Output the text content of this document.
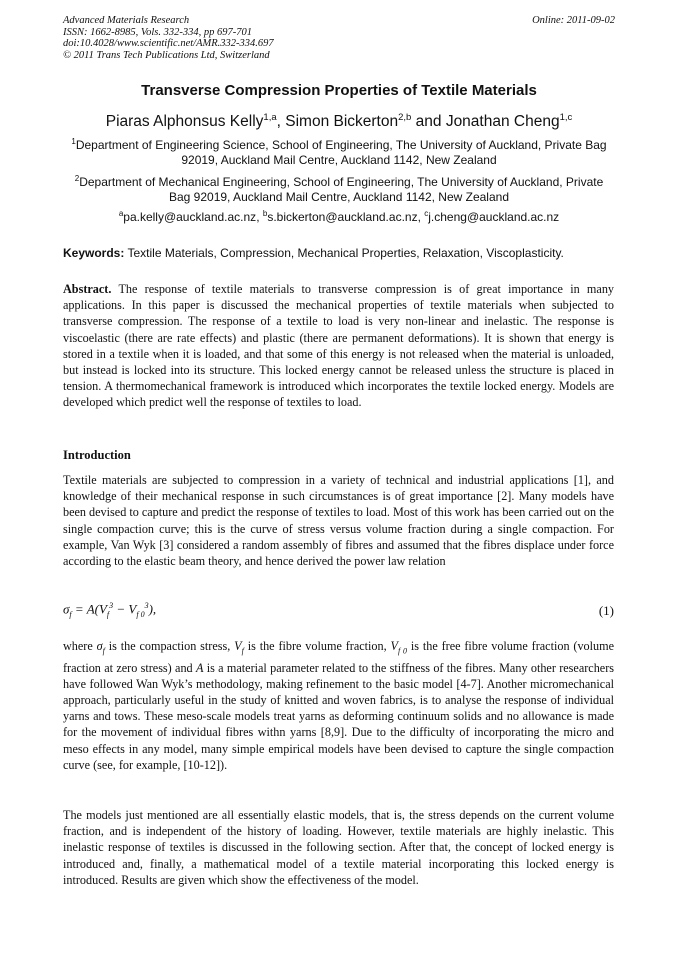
Advanced Materials Research
ISSN: 1662-8985, Vols. 332-334, pp 697-701
doi:10.4028/www.scientific.net/AMR.332-334.697
© 2011 Trans Tech Publications Ltd, Switzerland
Online: 2011-09-02
Transverse Compression Properties of Textile Materials
Piaras Alphonsus Kelly$^{1,a}$, Simon Bickerton$^{2,b}$ and Jonathan Cheng$^{1,c}$
$^1$Department of Engineering Science, School of Engineering, The University of Auckland, Private Bag 92019, Auckland Mail Centre, Auckland 1142, New Zealand
$^2$Department of Mechanical Engineering, School of Engineering, The University of Auckland, Private Bag 92019, Auckland Mail Centre, Auckland 1142, New Zealand
$^a$pa.kelly@auckland.ac.nz, $^b$s.bickerton@auckland.ac.nz, $^c$j.cheng@auckland.ac.nz
Keywords: Textile Materials, Compression, Mechanical Properties, Relaxation, Viscoplasticity.
Abstract. The response of textile materials to transverse compression is of great importance in many applications. In this paper is discussed the mechanical properties of textile materials when subjected to transverse compression. The response of a textile to load is very non-linear and inelastic. The response is viscoelastic (there are rate effects) and plastic (there are permanent deformations). It is shown that energy is stored in a textile when it is loaded, and that some of this energy is not released when the material is unloaded, but instead is locked into its structure. This locked energy cannot be released unless the structure is placed in tension. A thermomechanical framework is introduced which incorporates the textile locked energy. Models are developed which predict well the response of textiles to load.
Introduction
Textile materials are subjected to compression in a variety of technical and industrial applications [1], and knowledge of their mechanical response in such circumstances is of great importance [2]. Many models have been devised to capture and predict the response of textiles to load. Most of this work has been carried out on the single compaction curve; this is the curve of stress versus volume fraction during a single compaction. For example, Van Wyk [3] considered a random assembly of fibres and assumed that the fibres displace under force according to the elastic beam theory, and hence derived the power law relation
$\sigma_f = A(V_f^3 - V_{f 0}^3)$,	(1)
where $\sigma_f$ is the compaction stress, $V_f$ is the fibre volume fraction, $V_{f 0}$ is the free fibre volume fraction (volume fraction at zero stress) and A is a material parameter related to the stiffness of the fibres. Many other researchers have followed Wan Wyk’s methodology, making refinement to the basic model [4-7]. Another micromechanical approach, particularly useful in the study of knitted and woven fabrics, is to analyse the response of individual yarns and tows. These meso-scale models treat yarns as deforming continuum solids and no allowance is made for the movement of individual fibres withn yarns [8,9]. Due to the difficulty of incorporating the micro and meso effects in any model, many simple empirical models have been devised to capture the single compaction curve (see, for example, [10-12]).
The models just mentioned are all essentially elastic models, that is, the stress depends on the current volume fraction, and is independent of the history of loading. However, textile materials are highly inelastic. This inelastic response of textiles is discussed in the following section. After that, the concept of locked energy is introduced and, finally, a mathematical model of a textile material incorporating this locked energy is introduced. Results are given which show the effectiveness of the model.
